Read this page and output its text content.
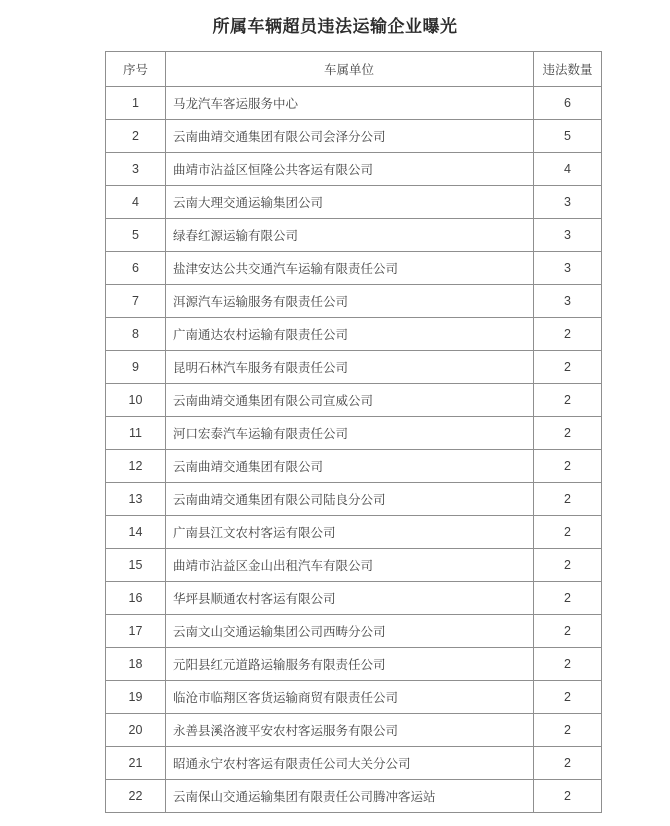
所属车辆超员违法运输企业曝光
序号	车属单位	违法数量
1	马龙汽车客运服务中心	6
2	云南曲靖交通集团有限公司会泽分公司	5
3	曲靖市沾益区恒隆公共客运有限公司	4
4	云南大理交通运输集团公司	3
5	绿春红源运输有限公司	3
6	盐津安达公共交通汽车运输有限责任公司	3
7	洱源汽车运输服务有限责任公司	3
8	广南通达农村运输有限责任公司	2
9	昆明石林汽车服务有限责任公司	2
10	云南曲靖交通集团有限公司宣威公司	2
11	河口宏泰汽车运输有限责任公司	2
12	云南曲靖交通集团有限公司	2
13	云南曲靖交通集团有限公司陆良分公司	2
14	广南县江文农村客运有限公司	2
15	曲靖市沾益区金山出租汽车有限公司	2
16	华坪县顺通农村客运有限公司	2
17	云南文山交通运输集团公司西畴分公司	2
18	元阳县红元道路运输服务有限责任公司	2
19	临沧市临翔区客货运输商贸有限责任公司	2
20	永善县溪洛渡平安农村客运服务有限公司	2
21	昭通永宁农村客运有限责任公司大关分公司	2
22	云南保山交通运输集团有限责任公司腾冲客运站	2
